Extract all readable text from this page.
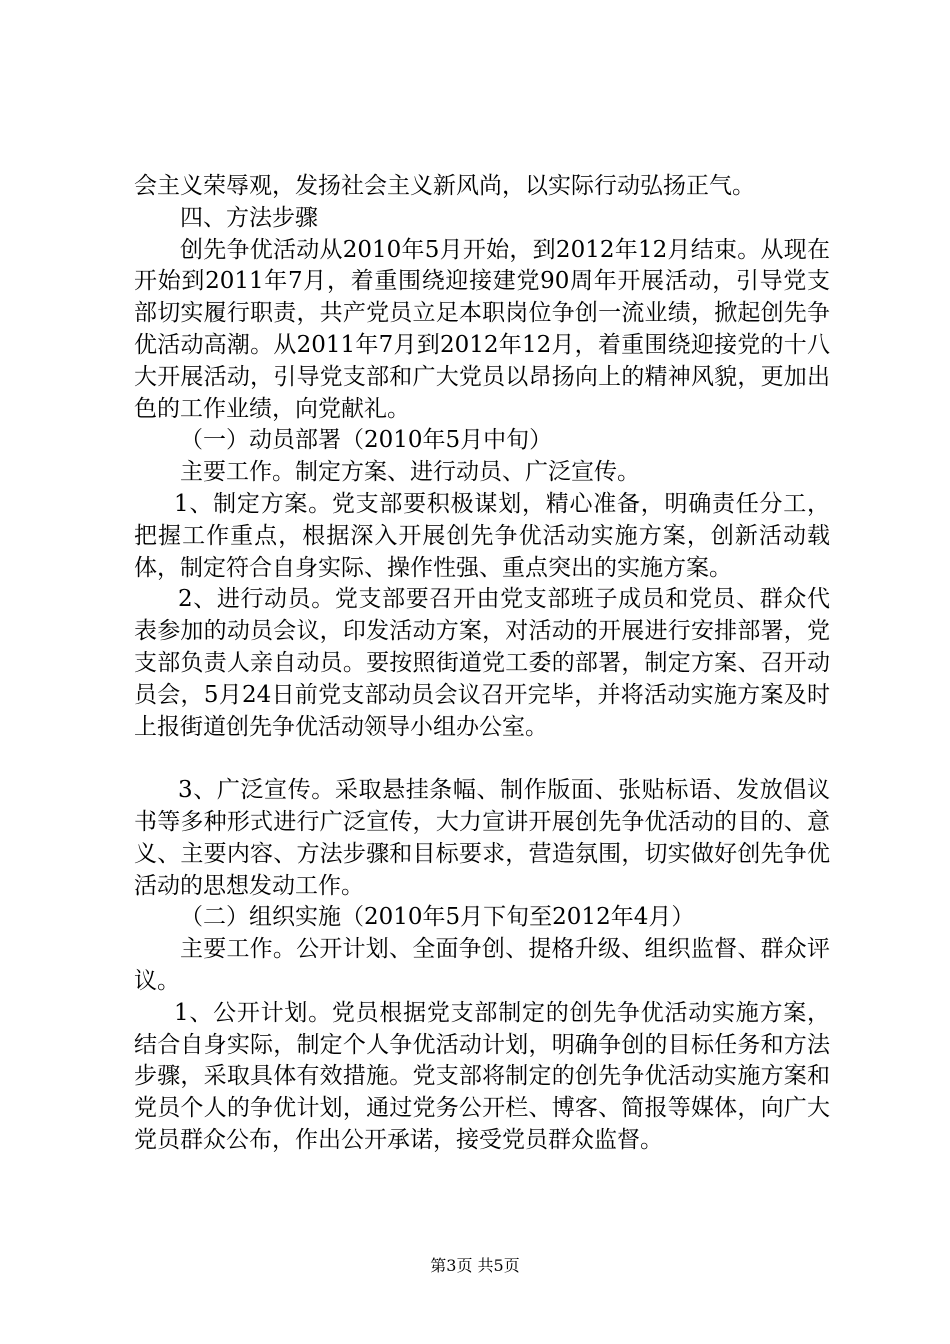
会主义荣辱观，发扬社会主义新风尚，以实际行动弘扬正气。

四、方法步骤

创先争优活动从2010年5月开始，到2012年12月结束。从现在开始到2011年7月，着重围绕迎接建党90周年开展活动，引导党支部切实履行职责，共产党员立足本职岗位争创一流业绩，掀起创先争优活动高潮。从2011年7月到2012年12月，着重围绕迎接党的十八大开展活动，引导党支部和广大党员以昂扬向上的精神风貌，更加出色的工作业绩，向党献礼。

（一）动员部署（2010年5月中旬）

主要工作。制定方案、进行动员、广泛宣传。

1、制定方案。党支部要积极谋划，精心准备，明确责任分工，把握工作重点，根据深入开展创先争优活动实施方案，创新活动载体，制定符合自身实际、操作性强、重点突出的实施方案。

2、进行动员。党支部要召开由党支部班子成员和党员、群众代表参加的动员会议，印发活动方案，对活动的开展进行安排部署，党支部负责人亲自动员。要按照街道党工委的部署，制定方案、召开动员会，5月24日前党支部动员会议召开完毕，并将活动实施方案及时上报街道创先争优活动领导小组办公室。

3、广泛宣传。采取悬挂条幅、制作版面、张贴标语、发放倡议书等多种形式进行广泛宣传，大力宣讲开展创先争优活动的目的、意义、主要内容、方法步骤和目标要求，营造氛围，切实做好创先争优活动的思想发动工作。

（二）组织实施（2010年5月下旬至2012年4月）

主要工作。公开计划、全面争创、提格升级、组织监督、群众评议。

1、公开计划。党员根据党支部制定的创先争优活动实施方案，结合自身实际，制定个人争优活动计划，明确争创的目标任务和方法步骤，采取具体有效措施。党支部将制定的创先争优活动实施方案和党员个人的争优计划，通过党务公开栏、博客、简报等媒体，向广大党员群众公布，作出公开承诺，接受党员群众监督。

第3页 共5页
